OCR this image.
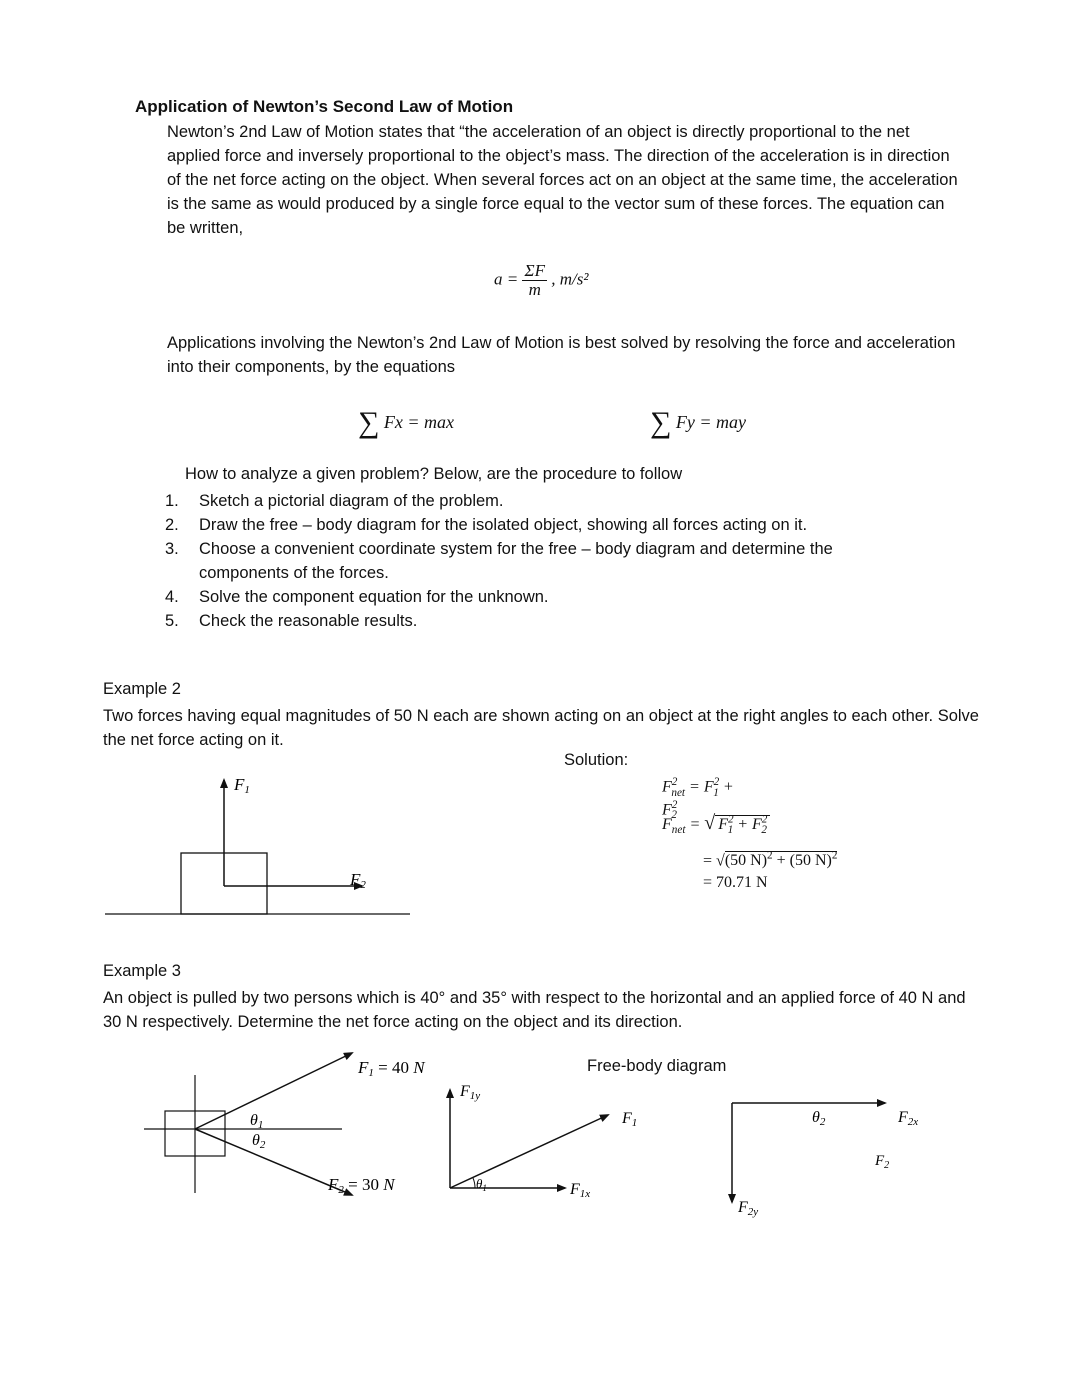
Application of Newton’s Second Law of Motion
Newton’s 2nd Law of Motion states that “the acceleration of an object is directly proportional to the net applied force and inversely proportional to the object’s mass. The direction of the acceleration is in direction of the net force acting on the object. When several forces act on an object at the same time, the acceleration is the same as would produced by a single force equal to the vector sum of these forces. The equation can be written,
$a = \frac{\Sigma F}{m}$ , m/s²
Applications involving the Newton’s 2nd Law of Motion is best solved by resolving the force and acceleration into their components, by the equations
∑ Fx = max	∑ Fy = may
How to analyze a given problem? Below, are the procedure to follow
1.	Sketch a pictorial diagram of the problem.
2.	Draw the free – body diagram for the isolated object, showing all forces acting on it.
3.	Choose a convenient coordinate system for the free – body diagram and determine the components of the forces.
4.	Solve the component equation for the unknown.
5.	Check the reasonable results.
Example 2
Two forces having equal magnitudes of 50 N each are shown acting on an object at the right angles to each other. Solve the net force acting on it.
Solution:
F1
F2
$F^2_{net} = F^2_1 + F^2_2$
$F_{net}$ = √ $F^2_1 + F^2_2$
= √(50 N)$^2$ + (50 N)$^2$
= 70.71 N
Example 3
An object is pulled by two persons which is 40° and 35° with respect to the horizontal and an applied force of 40 N and 30 N respectively. Determine the net force acting on the object and its direction.
Free-body diagram
θ1
θ2
F1 = 40 N
F2 = 30 N
F1y
F1x
F1
$\theta_1$
θ2	F2x
$F_2$
F2y
